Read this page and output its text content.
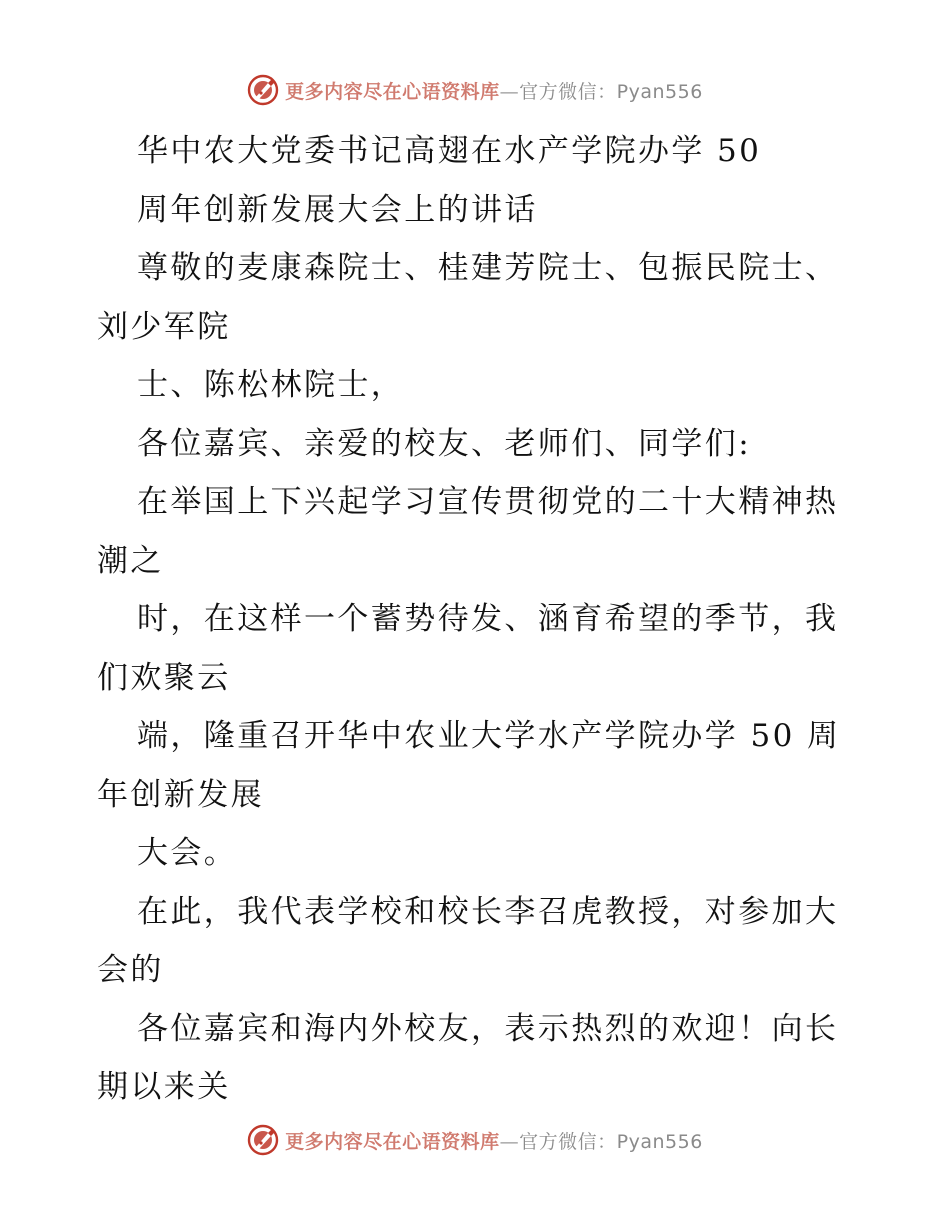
更多内容尽在心语资料库—官方微信：Pyan556
华中农大党委书记高翅在水产学院办学 50
周年创新发展大会上的讲话
尊敬的麦康森院士、桂建芳院士、包振民院士、
刘少军院
士、陈松林院士，
各位嘉宾、亲爱的校友、老师们、同学们:
在举国上下兴起学习宣传贯彻党的二十大精神热
潮之
时，在这样一个蓄势待发、涵育希望的季节，我
们欢聚云
端，隆重召开华中农业大学水产学院办学 50 周
年创新发展
大会。
在此，我代表学校和校长李召虎教授，对参加大
会的
各位嘉宾和海内外校友，表示热烈的欢迎！向长
期以来关
更多内容尽在心语资料库—官方微信：Pyan556
